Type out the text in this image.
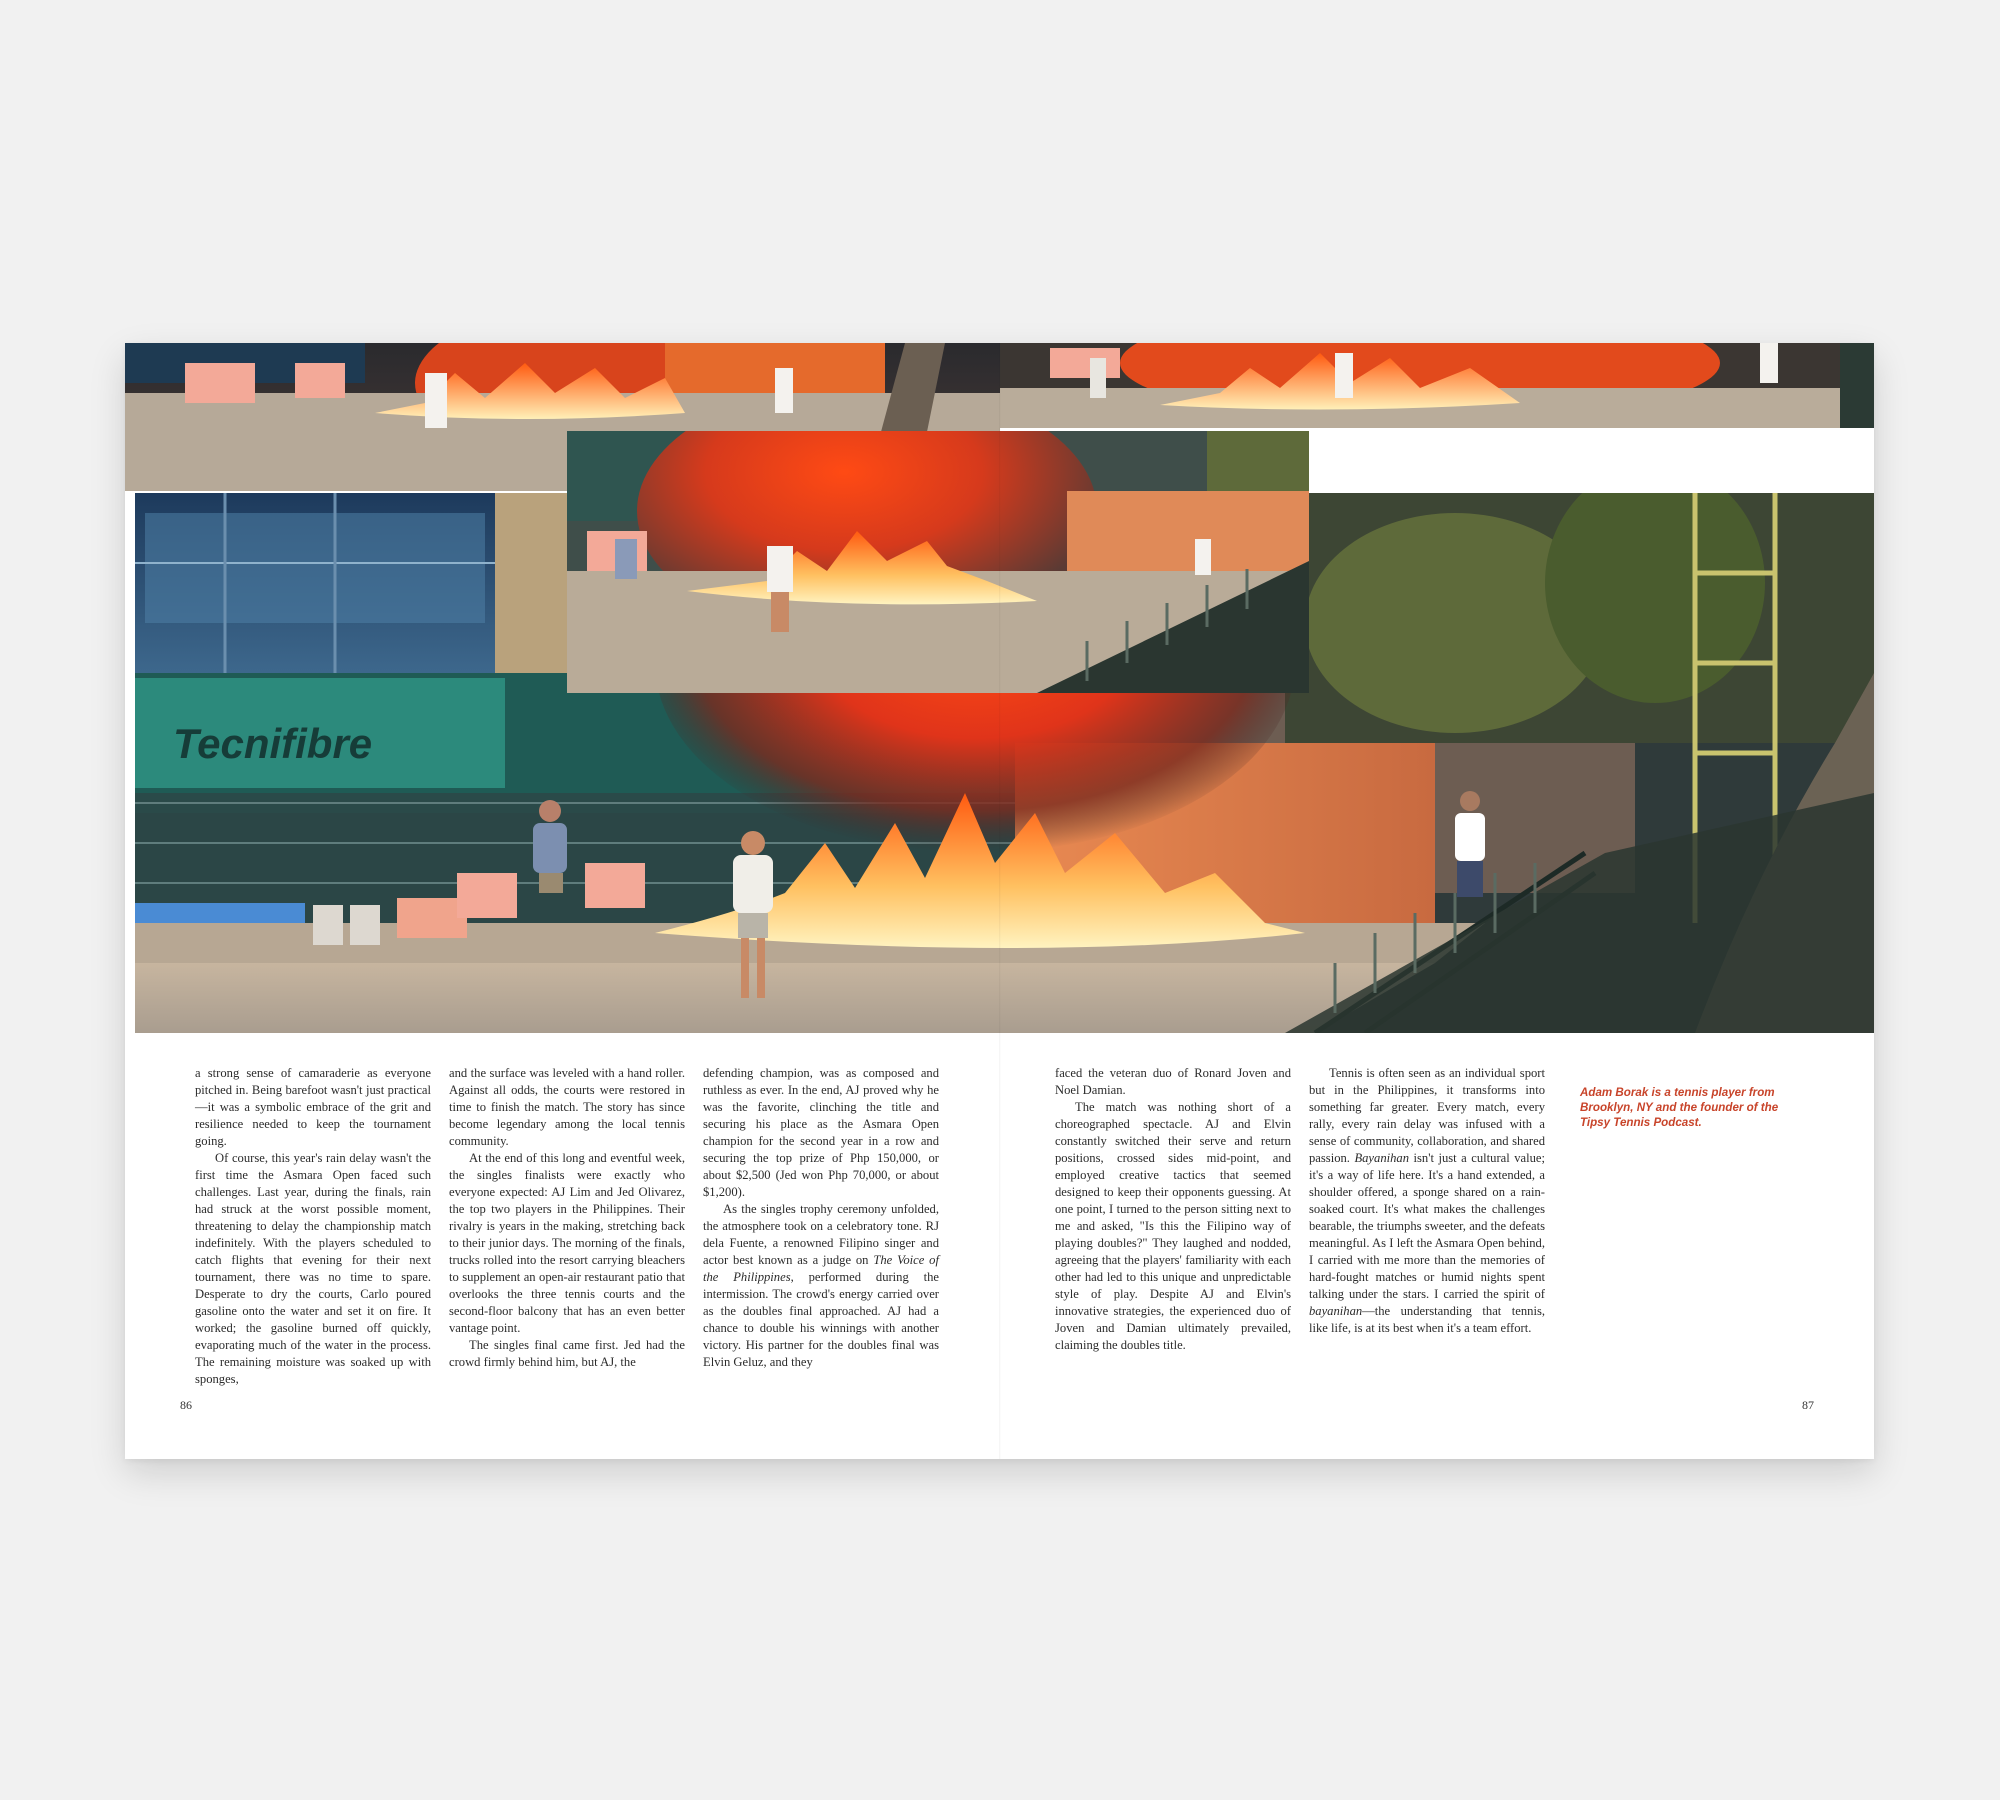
Tecnifibre

a strong sense of camaraderie as everyone pitched in. Being barefoot wasn't just practical—it was a symbolic embrace of the grit and resilience needed to keep the tournament going.

Of course, this year's rain delay wasn't the first time the Asmara Open faced such challenges. Last year, during the finals, rain had struck at the worst possible moment, threatening to delay the championship match indefinitely. With the players scheduled to catch flights that evening for their next tournament, there was no time to spare. Desperate to dry the courts, Carlo poured gasoline onto the water and set it on fire. It worked; the gasoline burned off quickly, evaporating much of the water in the process. The remaining moisture was soaked up with sponges,

and the surface was leveled with a hand roller. Against all odds, the courts were restored in time to finish the match. The story has since become legendary among the local tennis community.

At the end of this long and eventful week, the singles finalists were exactly who everyone expected: AJ Lim and Jed Olivarez, the top two players in the Philippines. Their rivalry is years in the making, stretching back to their junior days. The morning of the finals, trucks rolled into the resort carrying bleachers to supplement an open-air restaurant patio that overlooks the three tennis courts and the second-floor balcony that has an even better vantage point.

The singles final came first. Jed had the crowd firmly behind him, but AJ, the

defending champion, was as composed and ruthless as ever. In the end, AJ proved why he was the favorite, clinching the title and securing his place as the Asmara Open champion for the second year in a row and securing the top prize of Php 150,000, or about $2,500 (Jed won Php 70,000, or about $1,200).

As the singles trophy ceremony unfolded, the atmosphere took on a celebratory tone. RJ dela Fuente, a renowned Filipino singer and actor best known as a judge on The Voice of the Philippines, performed during the intermission. The crowd's energy carried over as the doubles final approached. AJ had a chance to double his winnings with another victory. His partner for the doubles final was Elvin Geluz, and they

86

faced the veteran duo of Ronard Joven and Noel Damian.

The match was nothing short of a choreographed spectacle. AJ and Elvin constantly switched their serve and return positions, crossed sides mid-point, and employed creative tactics that seemed designed to keep their opponents guessing. At one point, I turned to the person sitting next to me and asked, "Is this the Filipino way of playing doubles?" They laughed and nodded, agreeing that the players' familiarity with each other had led to this unique and unpredictable style of play. Despite AJ and Elvin's innovative strategies, the experienced duo of Joven and Damian ultimately prevailed, claiming the doubles title.

Tennis is often seen as an individual sport but in the Philippines, it transforms into something far greater. Every match, every rally, every rain delay was infused with a sense of community, collaboration, and shared passion. Bayanihan isn't just a cultural value; it's a way of life here. It's a hand extended, a shoulder offered, a sponge shared on a rain-soaked court. It's what makes the challenges bearable, the triumphs sweeter, and the defeats meaningful. As I left the Asmara Open behind, I carried with me more than the memories of hard-fought matches or humid nights spent talking under the stars. I carried the spirit of bayanihan—the understanding that tennis, like life, is at its best when it's a team effort.

Adam Borak is a tennis player from Brooklyn, NY and the founder of the Tipsy Tennis Podcast.
87
